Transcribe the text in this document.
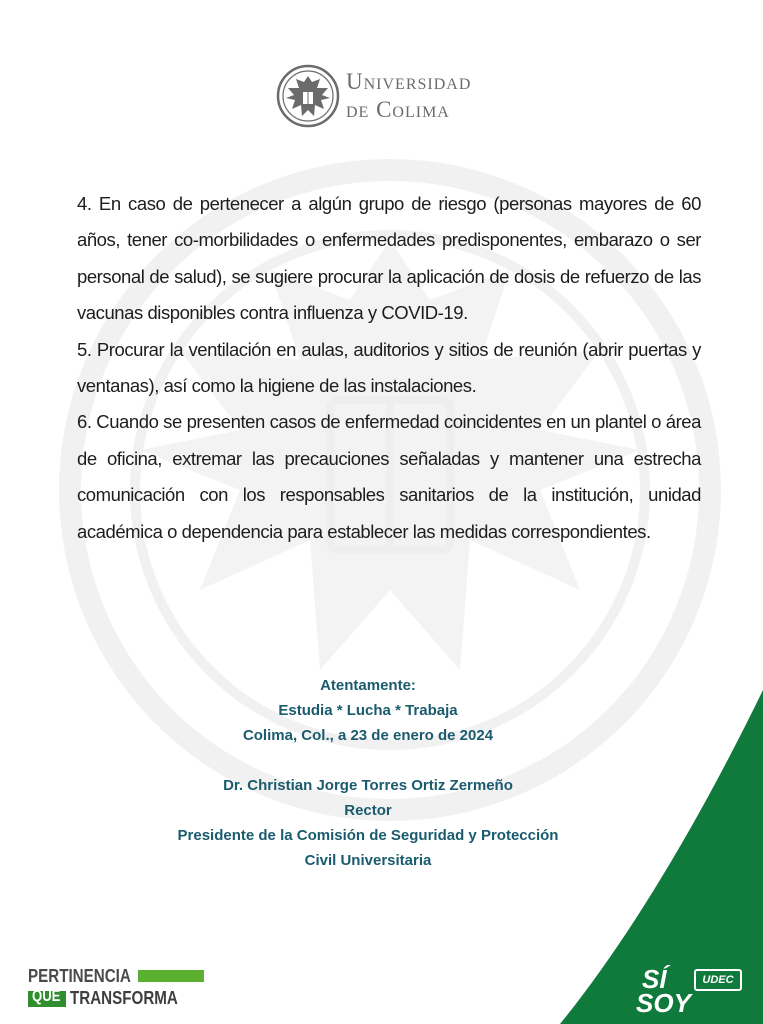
Universidad
de Colima

4. En caso de pertenecer a algún grupo de riesgo (personas mayores de 60 años, tener co-morbilidades o enfermedades predisponentes, embarazo o ser personal de salud), se sugiere procurar la aplicación de dosis de refuerzo de las vacunas disponibles contra influenza y COVID-19.

5. Procurar la ventilación en aulas, auditorios y sitios de reunión (abrir puertas y ventanas), así como la higiene de las instalaciones.

6. Cuando se presenten casos de enfermedad coincidentes en un plantel o área de oficina, extremar las precauciones señaladas y mantener una estrecha comunicación con los responsables sanitarios de la institución, unidad académica o dependencia para establecer las medidas correspondientes.

Atentamente:
Estudia * Lucha * Trabaja
Colima, Col., a 23 de enero de 2024
Dr. Christian Jorge Torres Ortiz Zermeño
Rector
Presidente de la Comisión de Seguridad y Protección
Civil Universitaria
PERTINENCIA
QUE TRANSFORMA
SÍ	UDEC
SOY
